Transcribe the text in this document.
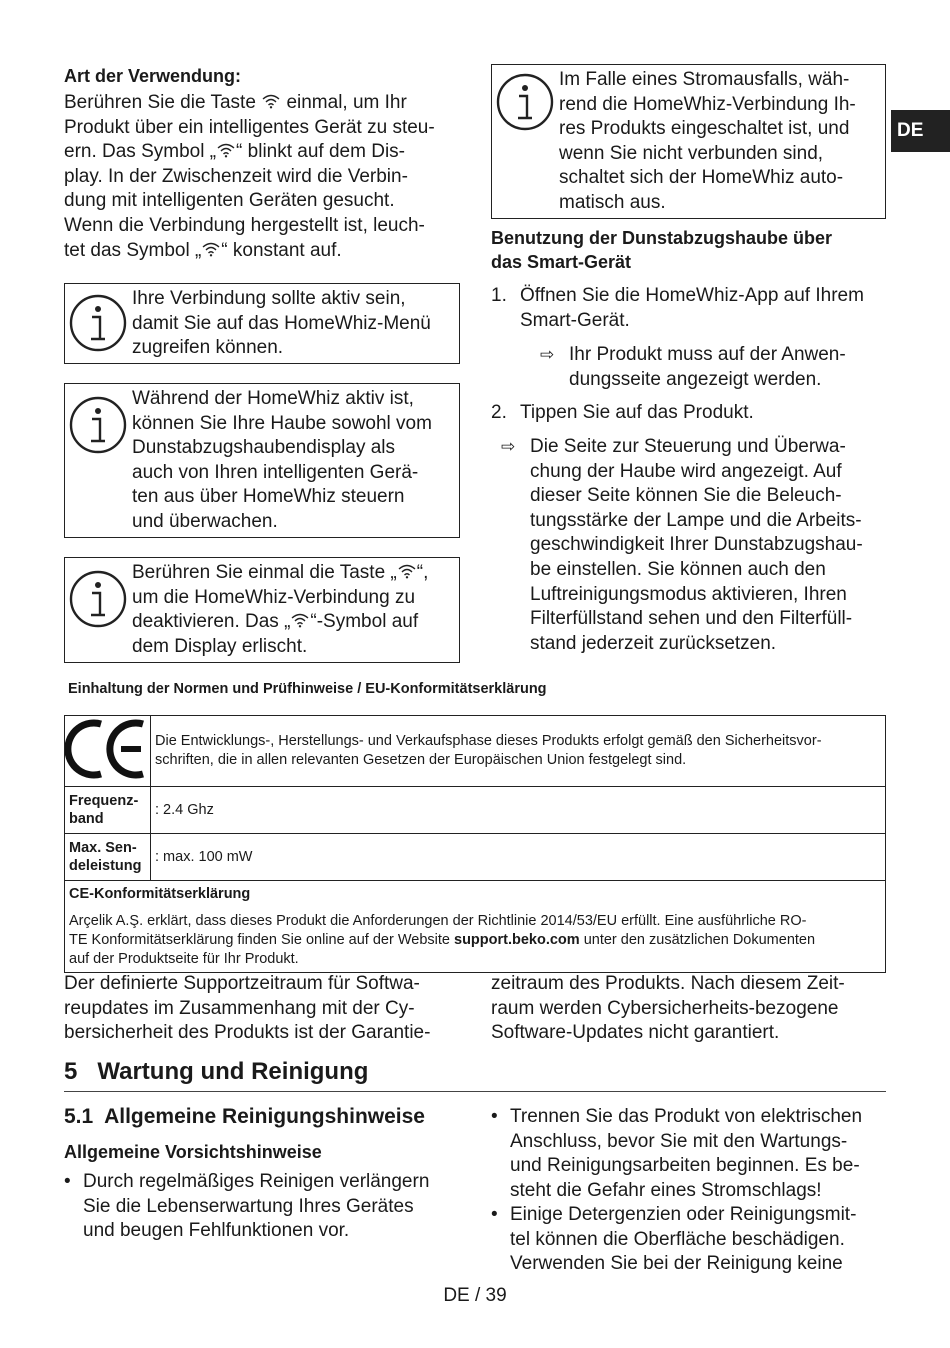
DE
Art der Verwendung:
Berühren Sie die Taste  einmal, um Ihr
Produkt über ein intelligentes Gerät zu steu-
ern. Das Symbol „ “ blinkt auf dem Dis-
play. In der Zwischenzeit wird die Verbin-
dung mit intelligenten Geräten gesucht.
Wenn die Verbindung hergestellt ist, leuch-
tet das Symbol „ “ konstant auf.
Ihre Verbindung sollte aktiv sein,
damit Sie auf das HomeWhiz-Menü
zugreifen können.
Während der HomeWhiz aktiv ist,
können Sie Ihre Haube sowohl vom
Dunstabzugshaubendisplay als
auch von Ihren intelligenten Gerä-
ten aus über HomeWhiz steuern
und überwachen.
Berühren Sie einmal die Taste „ “,
um die HomeWhiz-Verbindung zu
deaktivieren. Das „ “-Symbol auf
dem Display erlischt.
Im Falle eines Stromausfalls, wäh-
rend die HomeWhiz-Verbindung Ih-
res Produkts eingeschaltet ist, und
wenn Sie nicht verbunden sind,
schaltet sich der HomeWhiz auto-
matisch aus.
Benutzung der Dunstabzugshaube über
das Smart-Gerät
1. Öffnen Sie die HomeWhiz-App auf Ihrem
Smart-Gerät.
⇨ Ihr Produkt muss auf der Anwen-
dungsseite angezeigt werden.
2. Tippen Sie auf das Produkt.
⇨ Die Seite zur Steuerung und Überwa-
chung der Haube wird angezeigt. Auf
dieser Seite können Sie die Beleuch-
tungsstärke der Lampe und die Arbeits-
geschwindigkeit Ihrer Dunstabzugshau-
be einstellen. Sie können auch den
Luftreinigungsmodus aktivieren, Ihren
Filterfüllstand sehen und den Filterfüll-
stand jederzeit zurücksetzen.
Einhaltung der Normen und Prüfhinweise / EU-Konformitätserklärung

Die Entwicklungs-, Herstellungs- und Verkaufsphase dieses Produkts erfolgt gemäß den Sicherheitsvor-
schriften, die in allen relevanten Gesetzen der Europäischen Union festgelegt sind.

Frequenz-
band	: 2.4 Ghz

Max. Sen-
deleistung	: max. 100 mW

CE-Konformitätserklärung
Arçelik A.Ş. erklärt, dass dieses Produkt die Anforderungen der Richtlinie 2014/53/EU erfüllt. Eine ausführliche RO-
TE Konformitätserklärung finden Sie online auf der Website support.beko.com unter den zusätzlichen Dokumenten
auf der Produktseite für Ihr Produkt.	
Der definierte Supportzeitraum für Softwa-
reupdates im Zusammenhang mit der Cy-
bersicherheit des Produkts ist der Garantie-
zeitraum des Produkts. Nach diesem Zeit-
raum werden Cybersicherheits-bezogene
Software-Updates nicht garantiert.
5   Wartung und Reinigung
5.1  Allgemeine Reinigungshinweise
Allgemeine Vorsichtshinweise
• Durch regelmäßiges Reinigen verlängern
Sie die Lebenserwartung Ihres Gerätes
und beugen Fehlfunktionen vor.
• Trennen Sie das Produkt von elektrischen
Anschluss, bevor Sie mit den Wartungs-
und Reinigungsarbeiten beginnen. Es be-
steht die Gefahr eines Stromschlags!
• Einige Detergenzien oder Reinigungsmit-
tel können die Oberfläche beschädigen.
Verwenden Sie bei der Reinigung keine
DE / 39
